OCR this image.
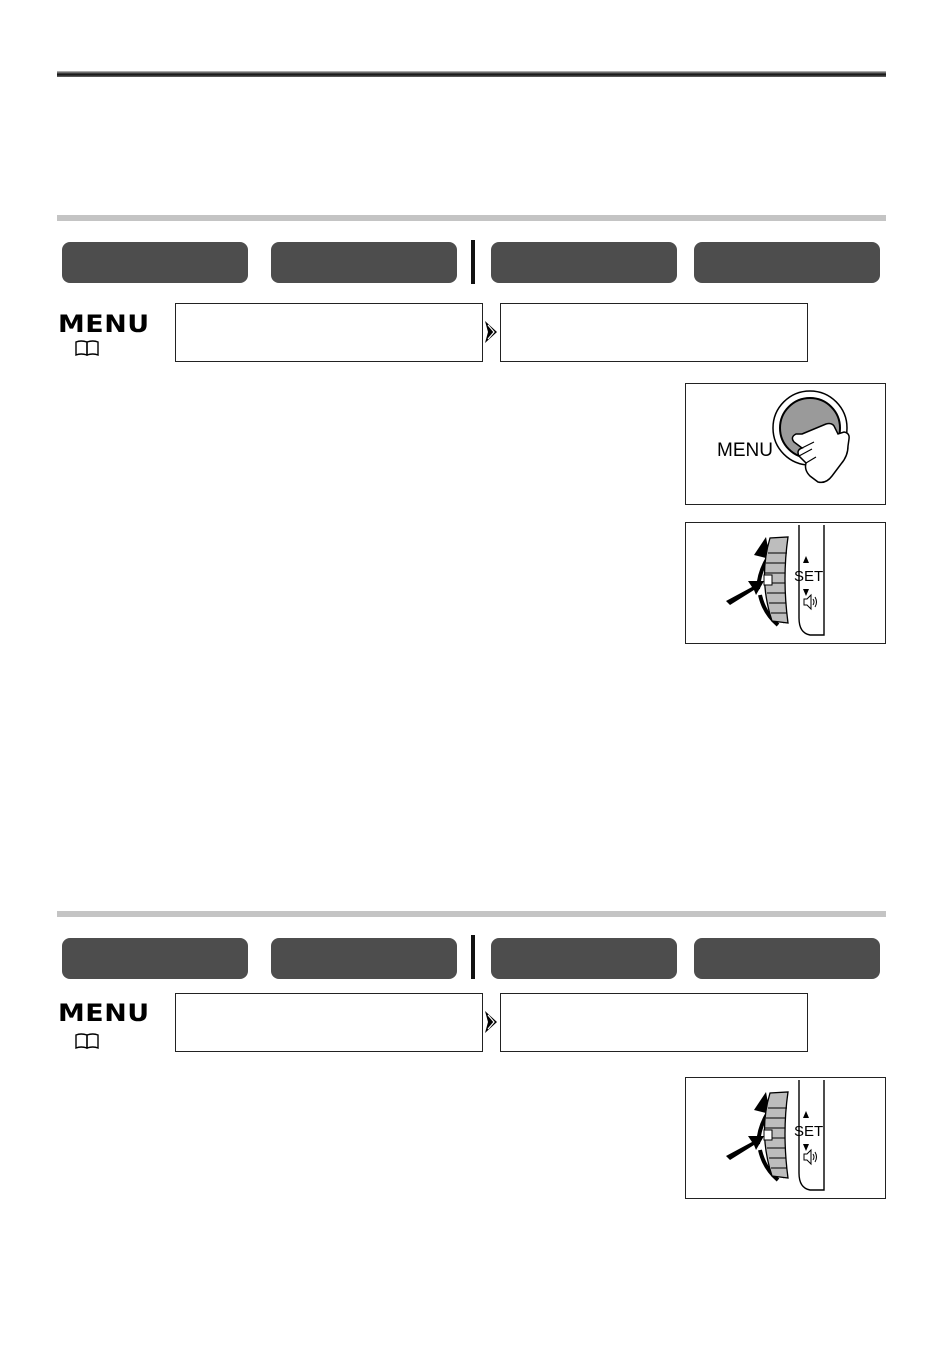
MENU
MENU
SET
MENU
SET
